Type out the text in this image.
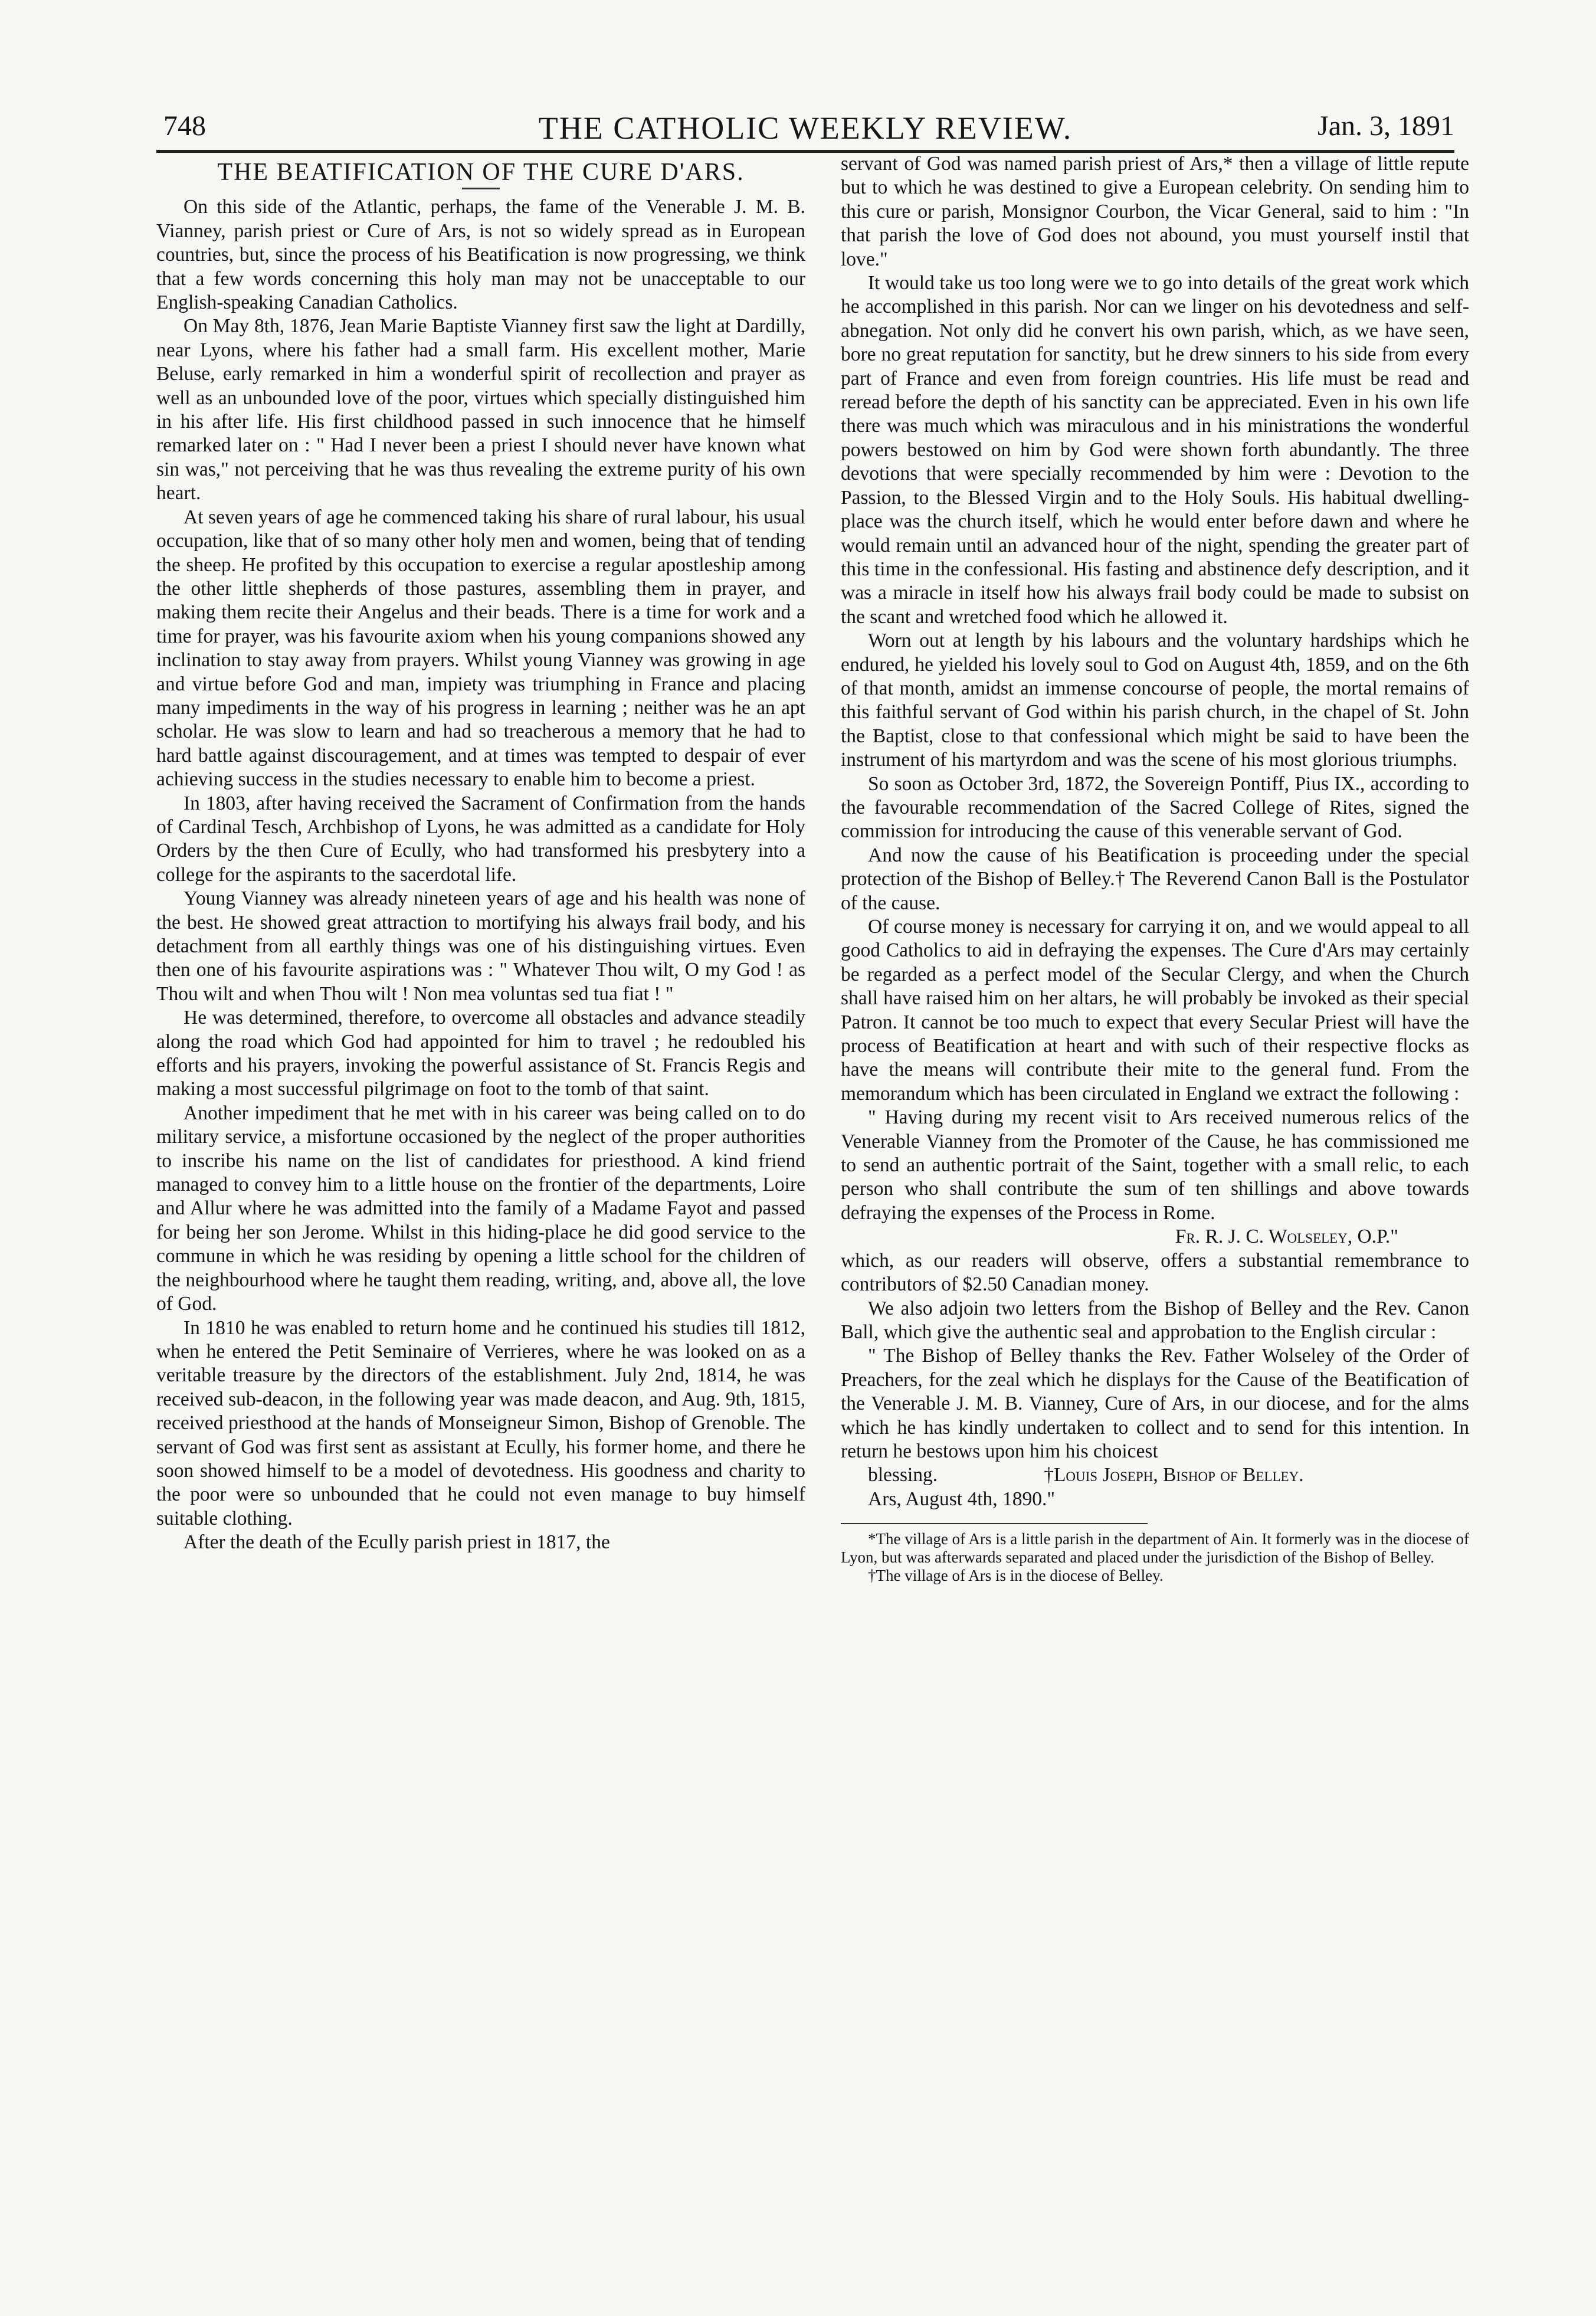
748	THE CATHOLIC WEEKLY REVIEW.	Jan. 3, 1891
THE BEATIFICATION OF THE CURE D'ARS.

On this side of the Atlantic, perhaps, the fame of the Venerable J. M. B. Vianney, parish priest or Cure of Ars, is not so widely spread as in European countries, but, since the process of his Beatification is now progressing, we think that a few words concerning this holy man may not be unacceptable to our English-speaking Canadian Catholics.

On May 8th, 1876, Jean Marie Baptiste Vianney first saw the light at Dardilly, near Lyons, where his father had a small farm. His excellent mother, Marie Beluse, early remarked in him a wonderful spirit of recollection and prayer as well as an unbounded love of the poor, virtues which specially distinguished him in his after life. His first childhood passed in such innocence that he himself remarked later on : " Had I never been a priest I should never have known what sin was," not perceiving that he was thus revealing the extreme purity of his own heart.

At seven years of age he commenced taking his share of rural labour, his usual occupation, like that of so many other holy men and women, being that of tending the sheep. He profited by this occupation to exercise a regular apostleship among the other little shepherds of those pastures, assembling them in prayer, and making them recite their Angelus and their beads. There is a time for work and a time for prayer, was his favourite axiom when his young companions showed any inclination to stay away from prayers. Whilst young Vianney was growing in age and virtue before God and man, impiety was triumphing in France and placing many impediments in the way of his progress in learning ; neither was he an apt scholar. He was slow to learn and had so treacherous a memory that he had to hard battle against discouragement, and at times was tempted to despair of ever achieving success in the studies necessary to enable him to become a priest.

In 1803, after having received the Sacrament of Confirmation from the hands of Cardinal Tesch, Archbishop of Lyons, he was admitted as a candidate for Holy Orders by the then Cure of Ecully, who had transformed his presbytery into a college for the aspirants to the sacerdotal life.

Young Vianney was already nineteen years of age and his health was none of the best. He showed great attraction to mortifying his always frail body, and his detachment from all earthly things was one of his distinguishing virtues. Even then one of his favourite aspirations was : " Whatever Thou wilt, O my God ! as Thou wilt and when Thou wilt ! Non mea voluntas sed tua fiat ! "

He was determined, therefore, to overcome all obstacles and advance steadily along the road which God had appointed for him to travel ; he redoubled his efforts and his prayers, invoking the powerful assistance of St. Francis Regis and making a most successful pilgrimage on foot to the tomb of that saint.

Another impediment that he met with in his career was being called on to do military service, a misfortune occasioned by the neglect of the proper authorities to inscribe his name on the list of candidates for priesthood. A kind friend managed to convey him to a little house on the frontier of the departments, Loire and Allur where he was admitted into the family of a Madame Fayot and passed for being her son Jerome. Whilst in this hiding-place he did good service to the commune in which he was residing by opening a little school for the children of the neighbourhood where he taught them reading, writing, and, above all, the love of God.

In 1810 he was enabled to return home and he continued his studies till 1812, when he entered the Petit Seminaire of Verrieres, where he was looked on as a veritable treasure by the directors of the establishment. July 2nd, 1814, he was received sub-deacon, in the following year was made deacon, and Aug. 9th, 1815, received priesthood at the hands of Monseigneur Simon, Bishop of Grenoble. The servant of God was first sent as assistant at Ecully, his former home, and there he soon showed himself to be a model of devotedness. His goodness and charity to the poor were so unbounded that he could not even manage to buy himself suitable clothing.

After the death of the Ecully parish priest in 1817, the

servant of God was named parish priest of Ars,* then a village of little repute but to which he was destined to give a European celebrity. On sending him to this cure or parish, Monsignor Courbon, the Vicar General, said to him : "In that parish the love of God does not abound, you must yourself instil that love."

It would take us too long were we to go into details of the great work which he accomplished in this parish. Nor can we linger on his devotedness and self-abnegation. Not only did he convert his own parish, which, as we have seen, bore no great reputation for sanctity, but he drew sinners to his side from every part of France and even from foreign countries. His life must be read and reread before the depth of his sanctity can be appreciated. Even in his own life there was much which was miraculous and in his ministrations the wonderful powers bestowed on him by God were shown forth abundantly. The three devotions that were specially recommended by him were : Devotion to the Passion, to the Blessed Virgin and to the Holy Souls. His habitual dwelling-place was the church itself, which he would enter before dawn and where he would remain until an advanced hour of the night, spending the greater part of this time in the confessional. His fasting and abstinence defy description, and it was a miracle in itself how his always frail body could be made to subsist on the scant and wretched food which he allowed it.

Worn out at length by his labours and the voluntary hardships which he endured, he yielded his lovely soul to God on August 4th, 1859, and on the 6th of that month, amidst an immense concourse of people, the mortal remains of this faithful servant of God within his parish church, in the chapel of St. John the Baptist, close to that confessional which might be said to have been the instrument of his martyrdom and was the scene of his most glorious triumphs.

So soon as October 3rd, 1872, the Sovereign Pontiff, Pius IX., according to the favourable recommendation of the Sacred College of Rites, signed the commission for introducing the cause of this venerable servant of God.

And now the cause of his Beatification is proceeding under the special protection of the Bishop of Belley.† The Reverend Canon Ball is the Postulator of the cause.

Of course money is necessary for carrying it on, and we would appeal to all good Catholics to aid in defraying the expenses. The Cure d'Ars may certainly be regarded as a perfect model of the Secular Clergy, and when the Church shall have raised him on her altars, he will probably be invoked as their special Patron. It cannot be too much to expect that every Secular Priest will have the process of Beatification at heart and with such of their respective flocks as have the means will contribute their mite to the general fund. From the memorandum which has been circulated in England we extract the following :

" Having during my recent visit to Ars received numerous relics of the Venerable Vianney from the Promoter of the Cause, he has commissioned me to send an authentic portrait of the Saint, together with a small relic, to each person who shall contribute the sum of ten shillings and above towards defraying the expenses of the Process in Rome.

Fr. R. J. C. Wolseley, O.P."

which, as our readers will observe, offers a substantial remembrance to contributors of $2.50 Canadian money.

We also adjoin two letters from the Bishop of Belley and the Rev. Canon Ball, which give the authentic seal and approbation to the English circular :

" The Bishop of Belley thanks the Rev. Father Wolseley of the Order of Preachers, for the zeal which he displays for the Cause of the Beatification of the Venerable J. M. B. Vianney, Cure of Ars, in our diocese, and for the alms which he has kindly undertaken to collect and to send for this intention. In return he bestows upon him his choicest

blessing.	†Louis Joseph, Bishop of Belley.

Ars, August 4th, 1890."

*The village of Ars is a little parish in the department of Ain. It formerly was in the diocese of Lyon, but was afterwards separated and placed under the jurisdiction of the Bishop of Belley.

†The village of Ars is in the diocese of Belley.
